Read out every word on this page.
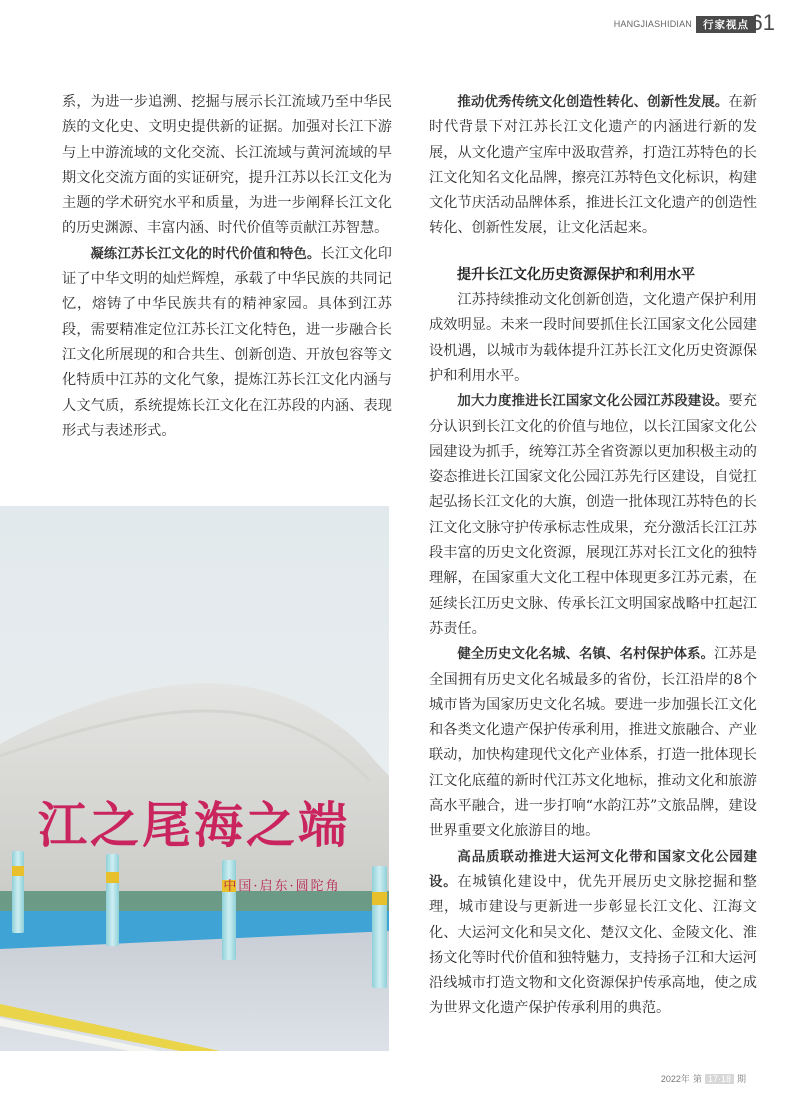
HANGJIASHIDIAN	行家视点 61

系，为进一步追溯、挖掘与展示长江流域乃至中华民族的文化史、文明史提供新的证据。加强对长江下游与上中游流域的文化交流、长江流域与黄河流域的早期文化交流方面的实证研究，提升江苏以长江文化为主题的学术研究水平和质量，为进一步阐释长江文化的历史渊源、丰富内涵、时代价值等贡献江苏智慧。

凝练江苏长江文化的时代价值和特色。长江文化印证了中华文明的灿烂辉煌，承载了中华民族的共同记忆，熔铸了中华民族共有的精神家园。具体到江苏段，需要精准定位江苏长江文化特色，进一步融合长江文化所展现的和合共生、创新创造、开放包容等文化特质中江苏的文化气象，提炼江苏长江文化内涵与人文气质，系统提炼长江文化在江苏段的内涵、表现形式与表述形式。

推动优秀传统文化创造性转化、创新性发展。在新时代背景下对江苏长江文化遗产的内涵进行新的发展，从文化遗产宝库中汲取营养，打造江苏特色的长江文化知名文化品牌，擦亮江苏特色文化标识，构建文化节庆活动品牌体系，推进长江文化遗产的创造性转化、创新性发展，让文化活起来。

提升长江文化历史资源保护和利用水平

江苏持续推动文化创新创造，文化遗产保护利用成效明显。未来一段时间要抓住长江国家文化公园建设机遇，以城市为载体提升江苏长江文化历史资源保护和利用水平。

加大力度推进长江国家文化公园江苏段建设。要充分认识到长江文化的价值与地位，以长江国家文化公园建设为抓手，统筹江苏全省资源以更加积极主动的姿态推进长江国家文化公园江苏先行区建设，自觉扛起弘扬长江文化的大旗，创造一批体现江苏特色的长江文化文脉守护传承标志性成果，充分激活长江江苏段丰富的历史文化资源，展现江苏对长江文化的独特理解，在国家重大文化工程中体现更多江苏元素，在延续长江历史文脉、传承长江文明国家战略中扛起江苏责任。

健全历史文化名城、名镇、名村保护体系。江苏是全国拥有历史文化名城最多的省份，长江沿岸的8个城市皆为国家历史文化名城。要进一步加强长江文化和各类文化遗产保护传承利用，推进文旅融合、产业联动，加快构建现代文化产业体系，打造一批体现长江文化底蕴的新时代江苏文化地标，推动文化和旅游高水平融合，进一步打响“水韵江苏”文旅品牌，建设世界重要文化旅游目的地。

高品质联动推进大运河文化带和国家文化公园建设。在城镇化建设中，优先开展历史文脉挖掘和整理，城市建设与更新进一步彰显长江文化、江海文化、大运河文化和吴文化、楚汉文化、金陵文化、淮扬文化等时代价值和独特魅力，支持扬子江和大运河沿线城市打造文物和文化资源保护传承高地，使之成为世界文化遗产保护传承利用的典范。

江之尾海之端
中国·启东·圆陀角
2022年 第 17·18 期
